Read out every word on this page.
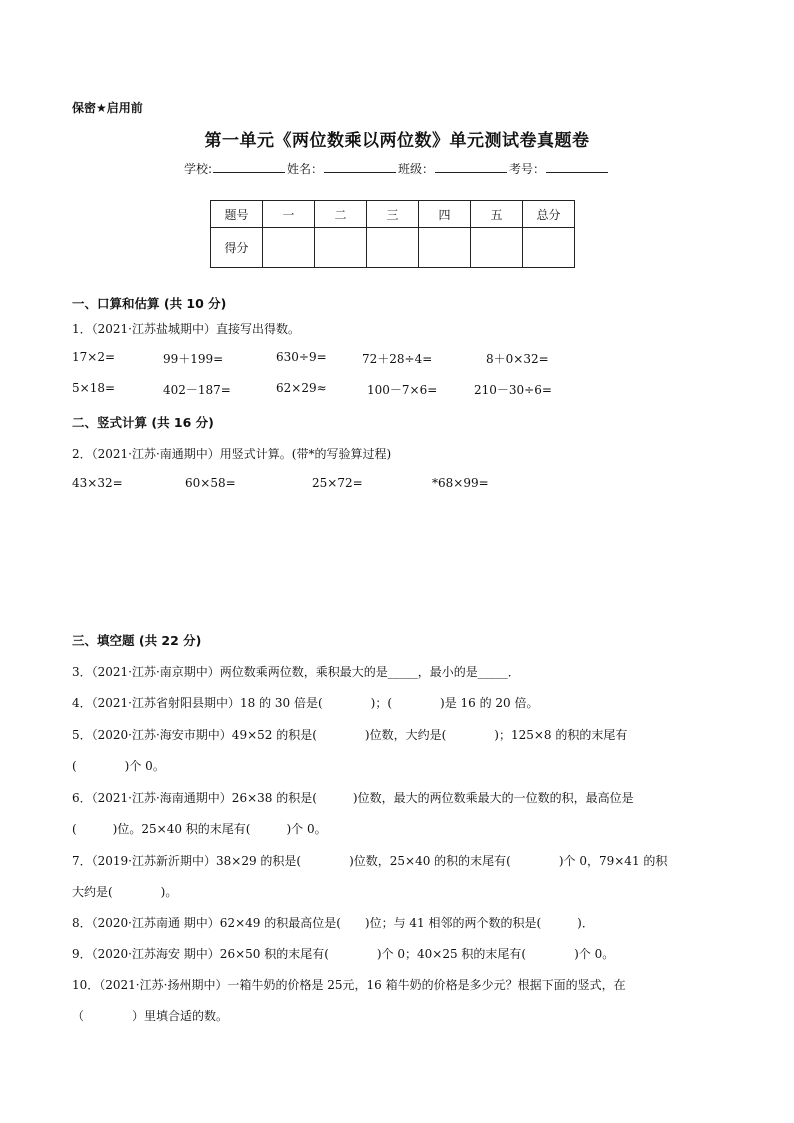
保密★启用前
第一单元《两位数乘以两位数》单元测试卷真题卷
学校:	姓名：	班级：	考号：
题号	一	二	三	四	五	总分
得分						
一、口算和估算 (共 10 分)
1．（2021·江苏盐城期中）直接写出得数。
17×2=	99＋199=	630÷9=	72＋28÷4=	8＋0×32=
5×18=	402－187=	62×29≈	100－7×6=	210－30÷6=
二、竖式计算 (共 16 分)
2．（2021·江苏·南通期中）用竖式计算。(带*的写验算过程)
43×32=	60×58=	25×72=	*68×99=
三、填空题 (共 22 分)
3．（2021·江苏·南京期中）两位数乘两位数，乘积最大的是_____，最小的是_____．
4．（2021·江苏省射阳县期中）18 的 30 倍是(　　　　)；(　　　　)是 16 的 20 倍。
5．（2020·江苏·海安市期中）49×52 的积是(　　　　)位数，大约是(　　　　)；125×8 的积的末尾有
(　　　　)个 0。
6．（2021·江苏·海南通期中）26×38 的积是(　　　)位数，最大的两位数乘最大的一位数的积，最高位是
(　　　)位。25×40 积的末尾有(　　　)个 0。
7．（2019·江苏新沂期中）38×29 的积是(　　　　)位数，25×40 的积的末尾有(　　　　)个 0，79×41 的积
大约是(　　　　)。
8．（2020·江苏南通 期中）62×49 的积最高位是(　　)位；与 41 相邻的两个数的积是(　　　)．
9．（2020·江苏海安 期中）26×50 积的末尾有(　　　　)个 0；40×25 积的末尾有(　　　　)个 0。
10．（2021·江苏·扬州期中）一箱牛奶的价格是 25元，16 箱牛奶的价格是多少元？根据下面的竖式，在
（　　　　）里填合适的数。
